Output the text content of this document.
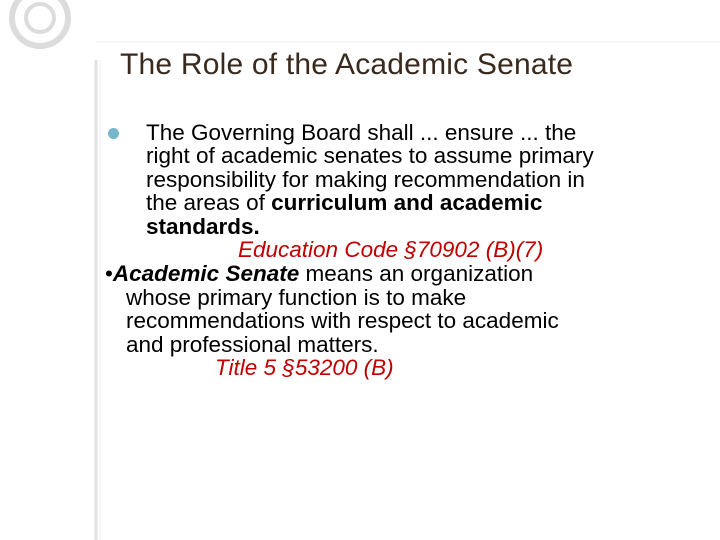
The Role of the Academic Senate
The Governing Board shall ... ensure ... the
right of academic senates to assume primary
responsibility for making recommendation in
the areas of curriculum and academic
standards.
Education Code §70902 (B)(7)
•Academic Senate means an organization
whose primary function is to make
recommendations with respect to academic
and professional matters.
Title 5 §53200 (B)
